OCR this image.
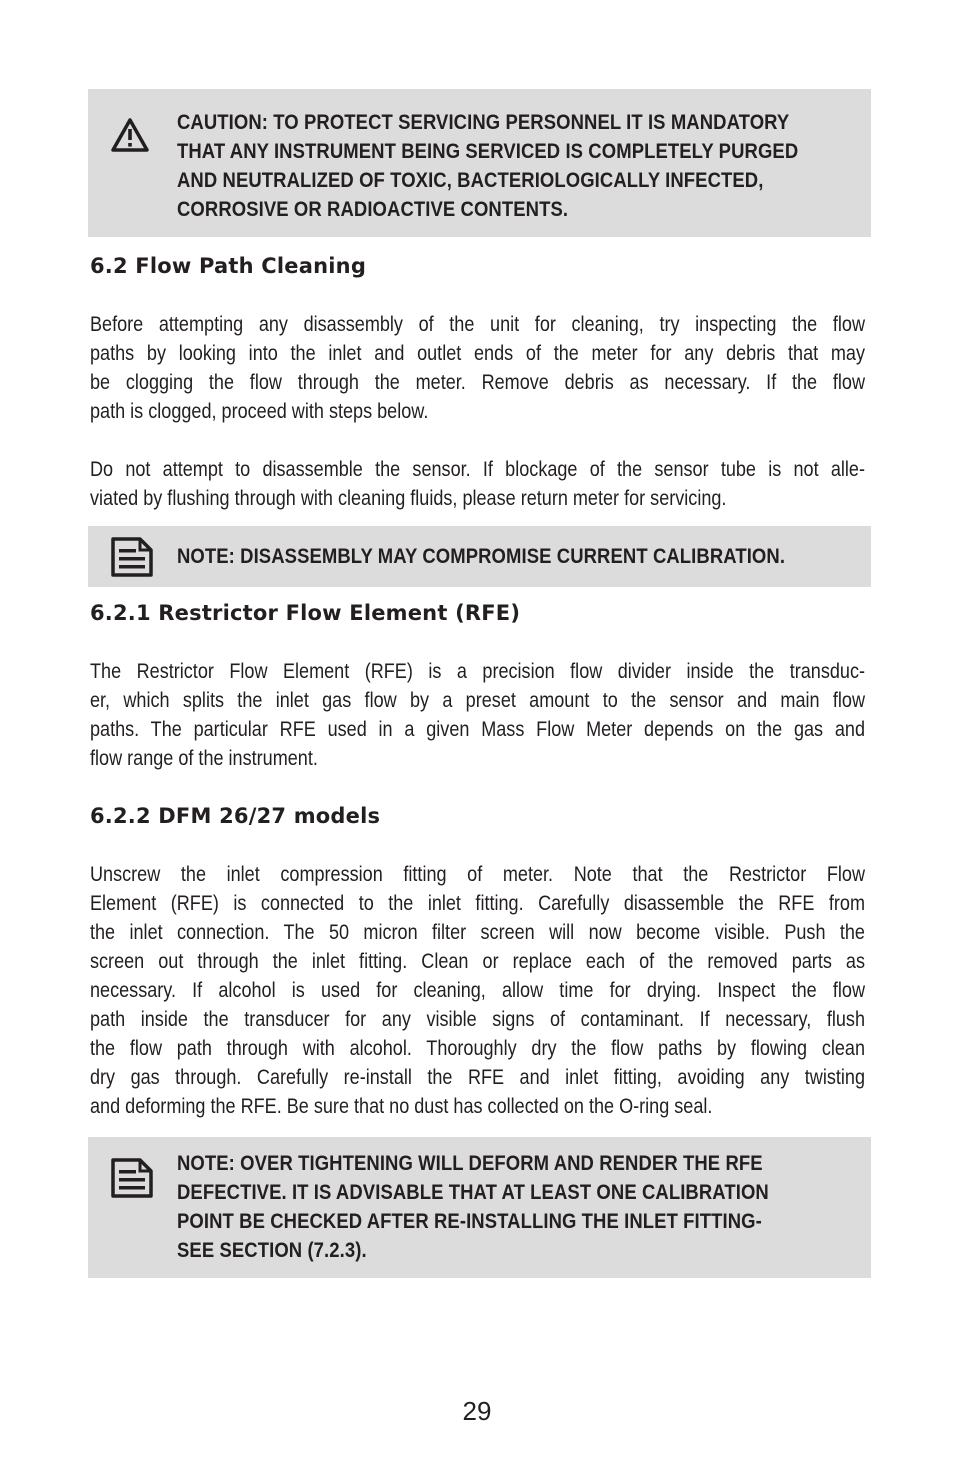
CAUTION: TO PROTECT SERVICING PERSONNEL IT IS MANDATORY
THAT ANY INSTRUMENT BEING SERVICED IS COMPLETELY PURGED
AND NEUTRALIZED OF TOXIC, BACTERIOLOGICALLY INFECTED,
CORROSIVE OR RADIOACTIVE CONTENTS.
6.2 Flow Path Cleaning
Before attempting any disassembly of the unit for cleaning, try inspecting the flow
paths by looking into the inlet and outlet ends of the meter for any debris that may
be clogging the flow through the meter. Remove debris as necessary. If the flow
path is clogged, proceed with steps below.
Do not attempt to disassemble the sensor. If blockage of the sensor tube is not alle-
viated by flushing through with cleaning fluids, please return meter for servicing.
NOTE: DISASSEMBLY MAY COMPROMISE CURRENT CALIBRATION.
6.2.1 Restrictor Flow Element (RFE)
The Restrictor Flow Element (RFE) is a precision flow divider inside the transduc-
er, which splits the inlet gas flow by a preset amount to the sensor and main flow
paths. The particular RFE used in a given Mass Flow Meter depends on the gas and
flow range of the instrument.
6.2.2 DFM 26/27 models
Unscrew the inlet compression fitting of meter. Note that the Restrictor Flow
Element (RFE) is connected to the inlet fitting. Carefully disassemble the RFE from
the inlet connection. The 50 micron filter screen will now become visible. Push the
screen out through the inlet fitting. Clean or replace each of the removed parts as
necessary. If alcohol is used for cleaning, allow time for drying. Inspect the flow
path inside the transducer for any visible signs of contaminant. If necessary, flush
the flow path through with alcohol. Thoroughly dry the flow paths by flowing clean
dry gas through. Carefully re-install the RFE and inlet fitting, avoiding any twisting
and deforming the RFE. Be sure that no dust has collected on the O-ring seal.
NOTE: OVER TIGHTENING WILL DEFORM AND RENDER THE RFE
DEFECTIVE. IT IS ADVISABLE THAT AT LEAST ONE CALIBRATION
POINT BE CHECKED AFTER RE-INSTALLING THE INLET FITTING-
SEE SECTION (7.2.3).
29
